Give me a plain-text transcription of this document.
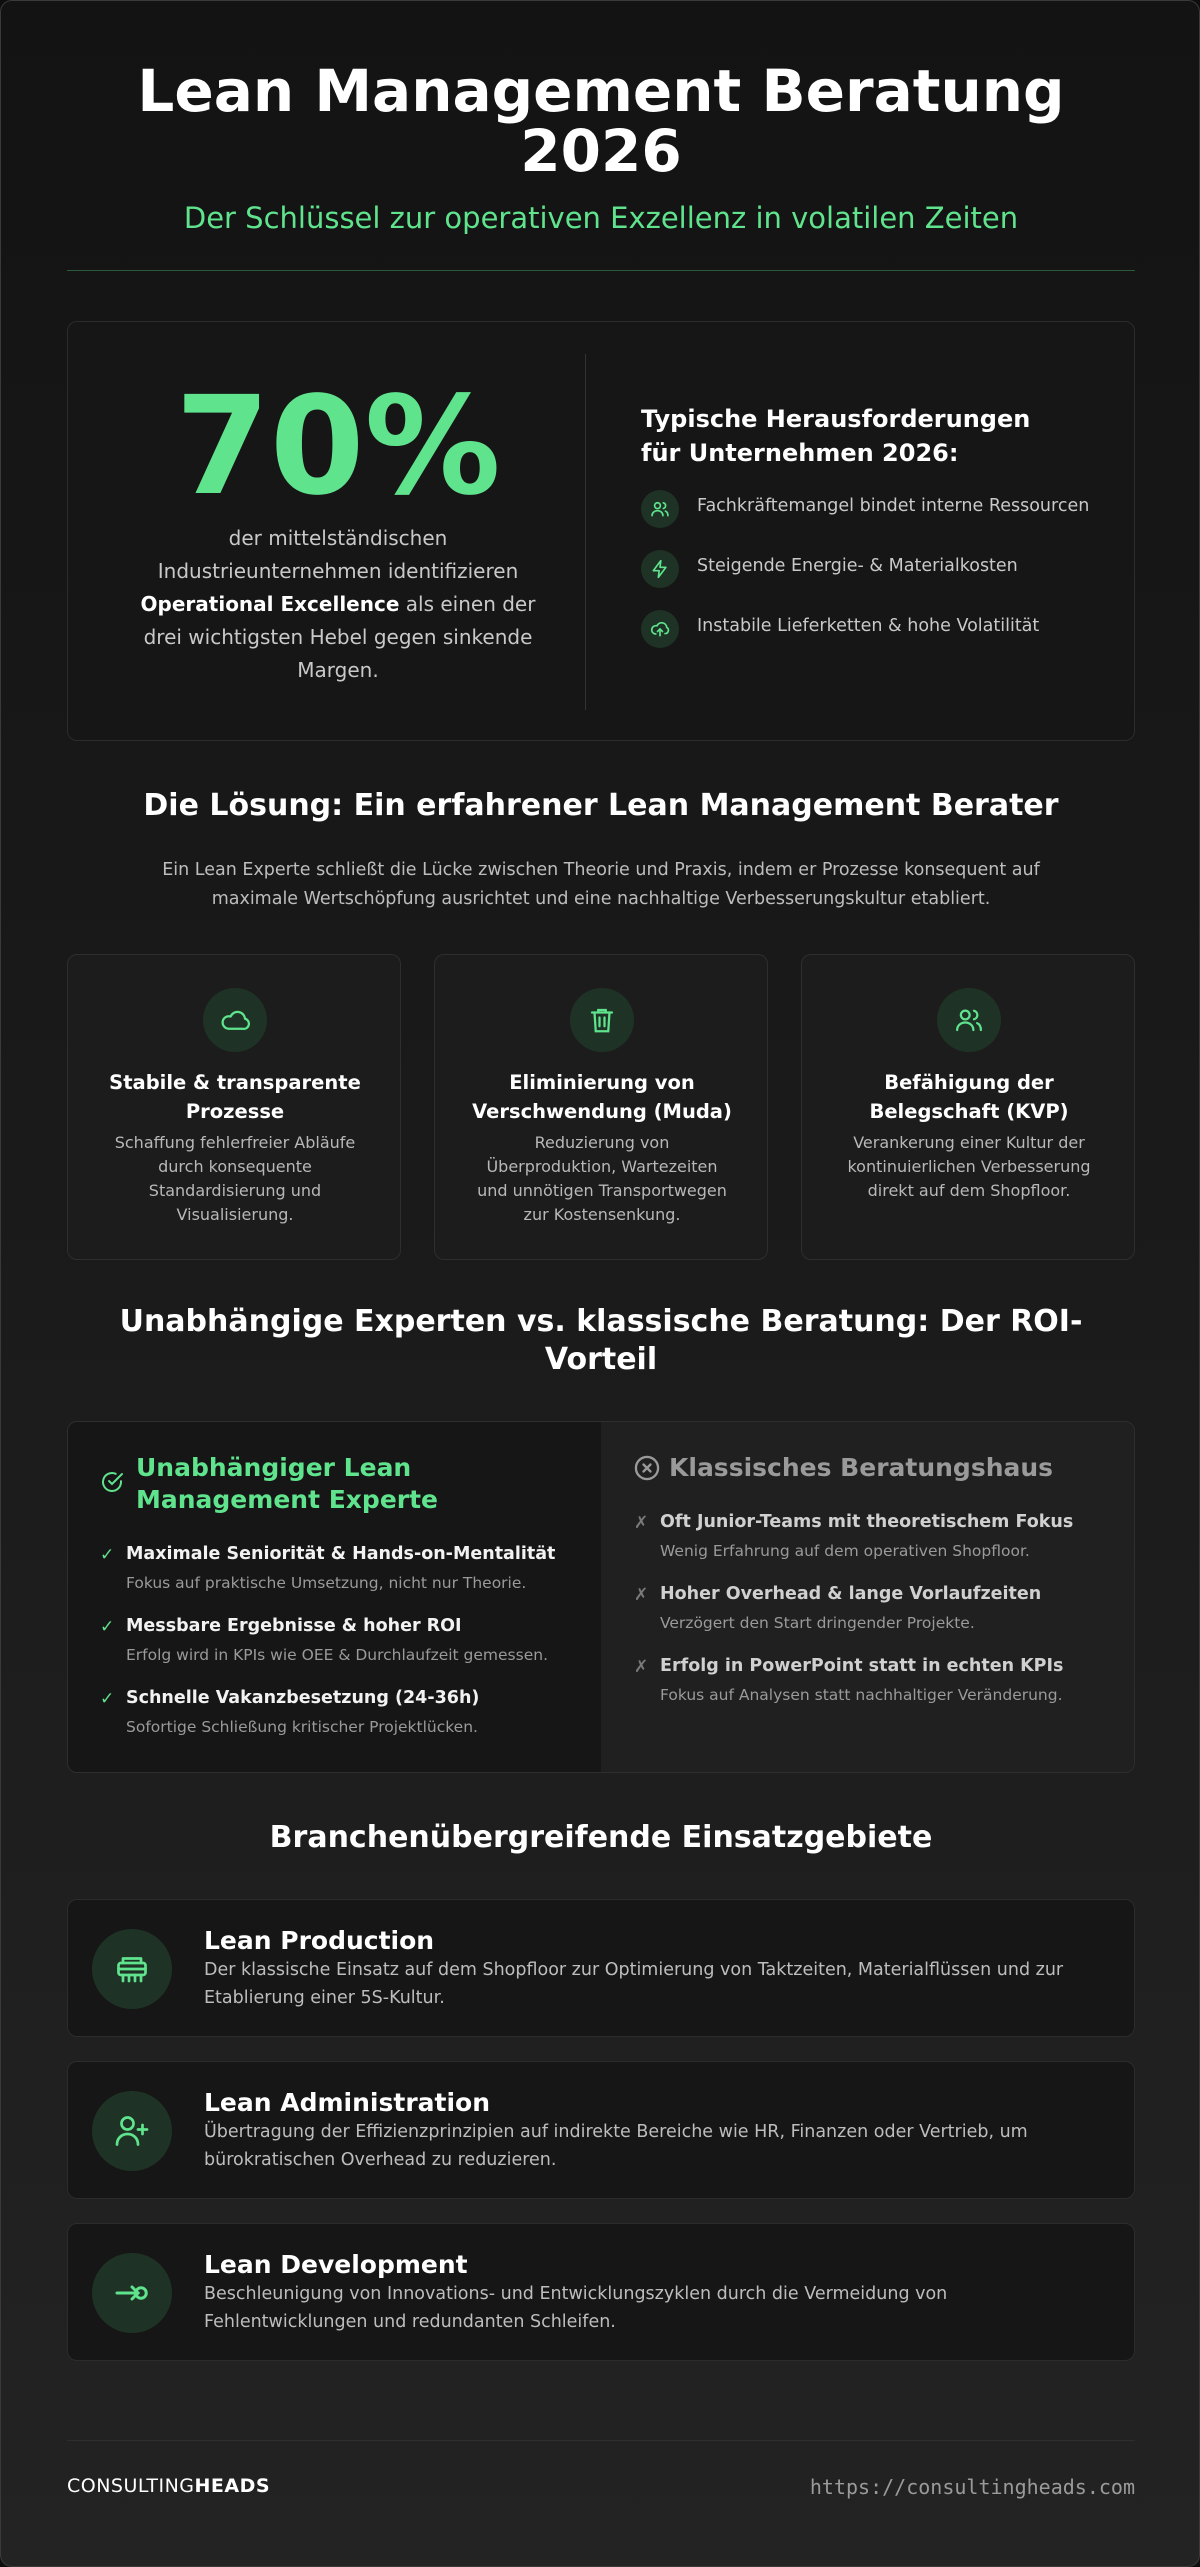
Lean Management Beratung
2026
Der Schlüssel zur operativen Exzellenz in volatilen Zeiten
70%
der mittelständischen Industrieunternehmen identifizieren Operational Excellence als einen der drei wichtigsten Hebel gegen sinkende Margen.
Typische Herausforderungen für Unternehmen 2026:
Fachkräftemangel bindet interne Ressourcen
Steigende Energie- & Materialkosten
Instabile Lieferketten & hohe Volatilität
Die Lösung: Ein erfahrener Lean Management Berater

Ein Lean Experte schließt die Lücke zwischen Theorie und Praxis, indem er Prozesse konsequent auf maximale Wertschöpfung ausrichtet und eine nachhaltige Verbesserungskultur etabliert.

Stabile & transparente Prozesse
Schaffung fehlerfreier Abläufe durch konsequente Standardisierung und Visualisierung.
Eliminierung von Verschwendung (Muda)
Reduzierung von Überproduktion, Wartezeiten und unnötigen Transportwegen zur Kostensenkung.
Befähigung der Belegschaft (KVP)
Verankerung einer Kultur der kontinuierlichen Verbesserung direkt auf dem Shopfloor.
Unabhängige Experten vs. klassische Beratung: Der ROI-Vorteil
Unabhängiger Lean Management Experte
✓ Maximale Seniorität & Hands-on-Mentalität
Fokus auf praktische Umsetzung, nicht nur Theorie.
✓ Messbare Ergebnisse & hoher ROI
Erfolg wird in KPIs wie OEE & Durchlaufzeit gemessen.
✓ Schnelle Vakanzbesetzung (24-36h)
Sofortige Schließung kritischer Projektlücken.
Klassisches Beratungshaus
✗ Oft Junior-Teams mit theoretischem Fokus
Wenig Erfahrung auf dem operativen Shopfloor.
✗ Hoher Overhead & lange Vorlaufzeiten
Verzögert den Start dringender Projekte.
✗ Erfolg in PowerPoint statt in echten KPIs
Fokus auf Analysen statt nachhaltiger Veränderung.
Branchenübergreifende Einsatzgebiete
Lean Production
Der klassische Einsatz auf dem Shopfloor zur Optimierung von Taktzeiten, Materialflüssen und zur Etablierung einer 5S-Kultur.
Lean Administration
Übertragung der Effizienzprinzipien auf indirekte Bereiche wie HR, Finanzen oder Vertrieb, um bürokratischen Overhead zu reduzieren.
Lean Development
Beschleunigung von Innovations- und Entwicklungszyklen durch die Vermeidung von Fehlentwicklungen und redundanten Schleifen.
CONSULTINGHEADS	https://consultingheads.com
